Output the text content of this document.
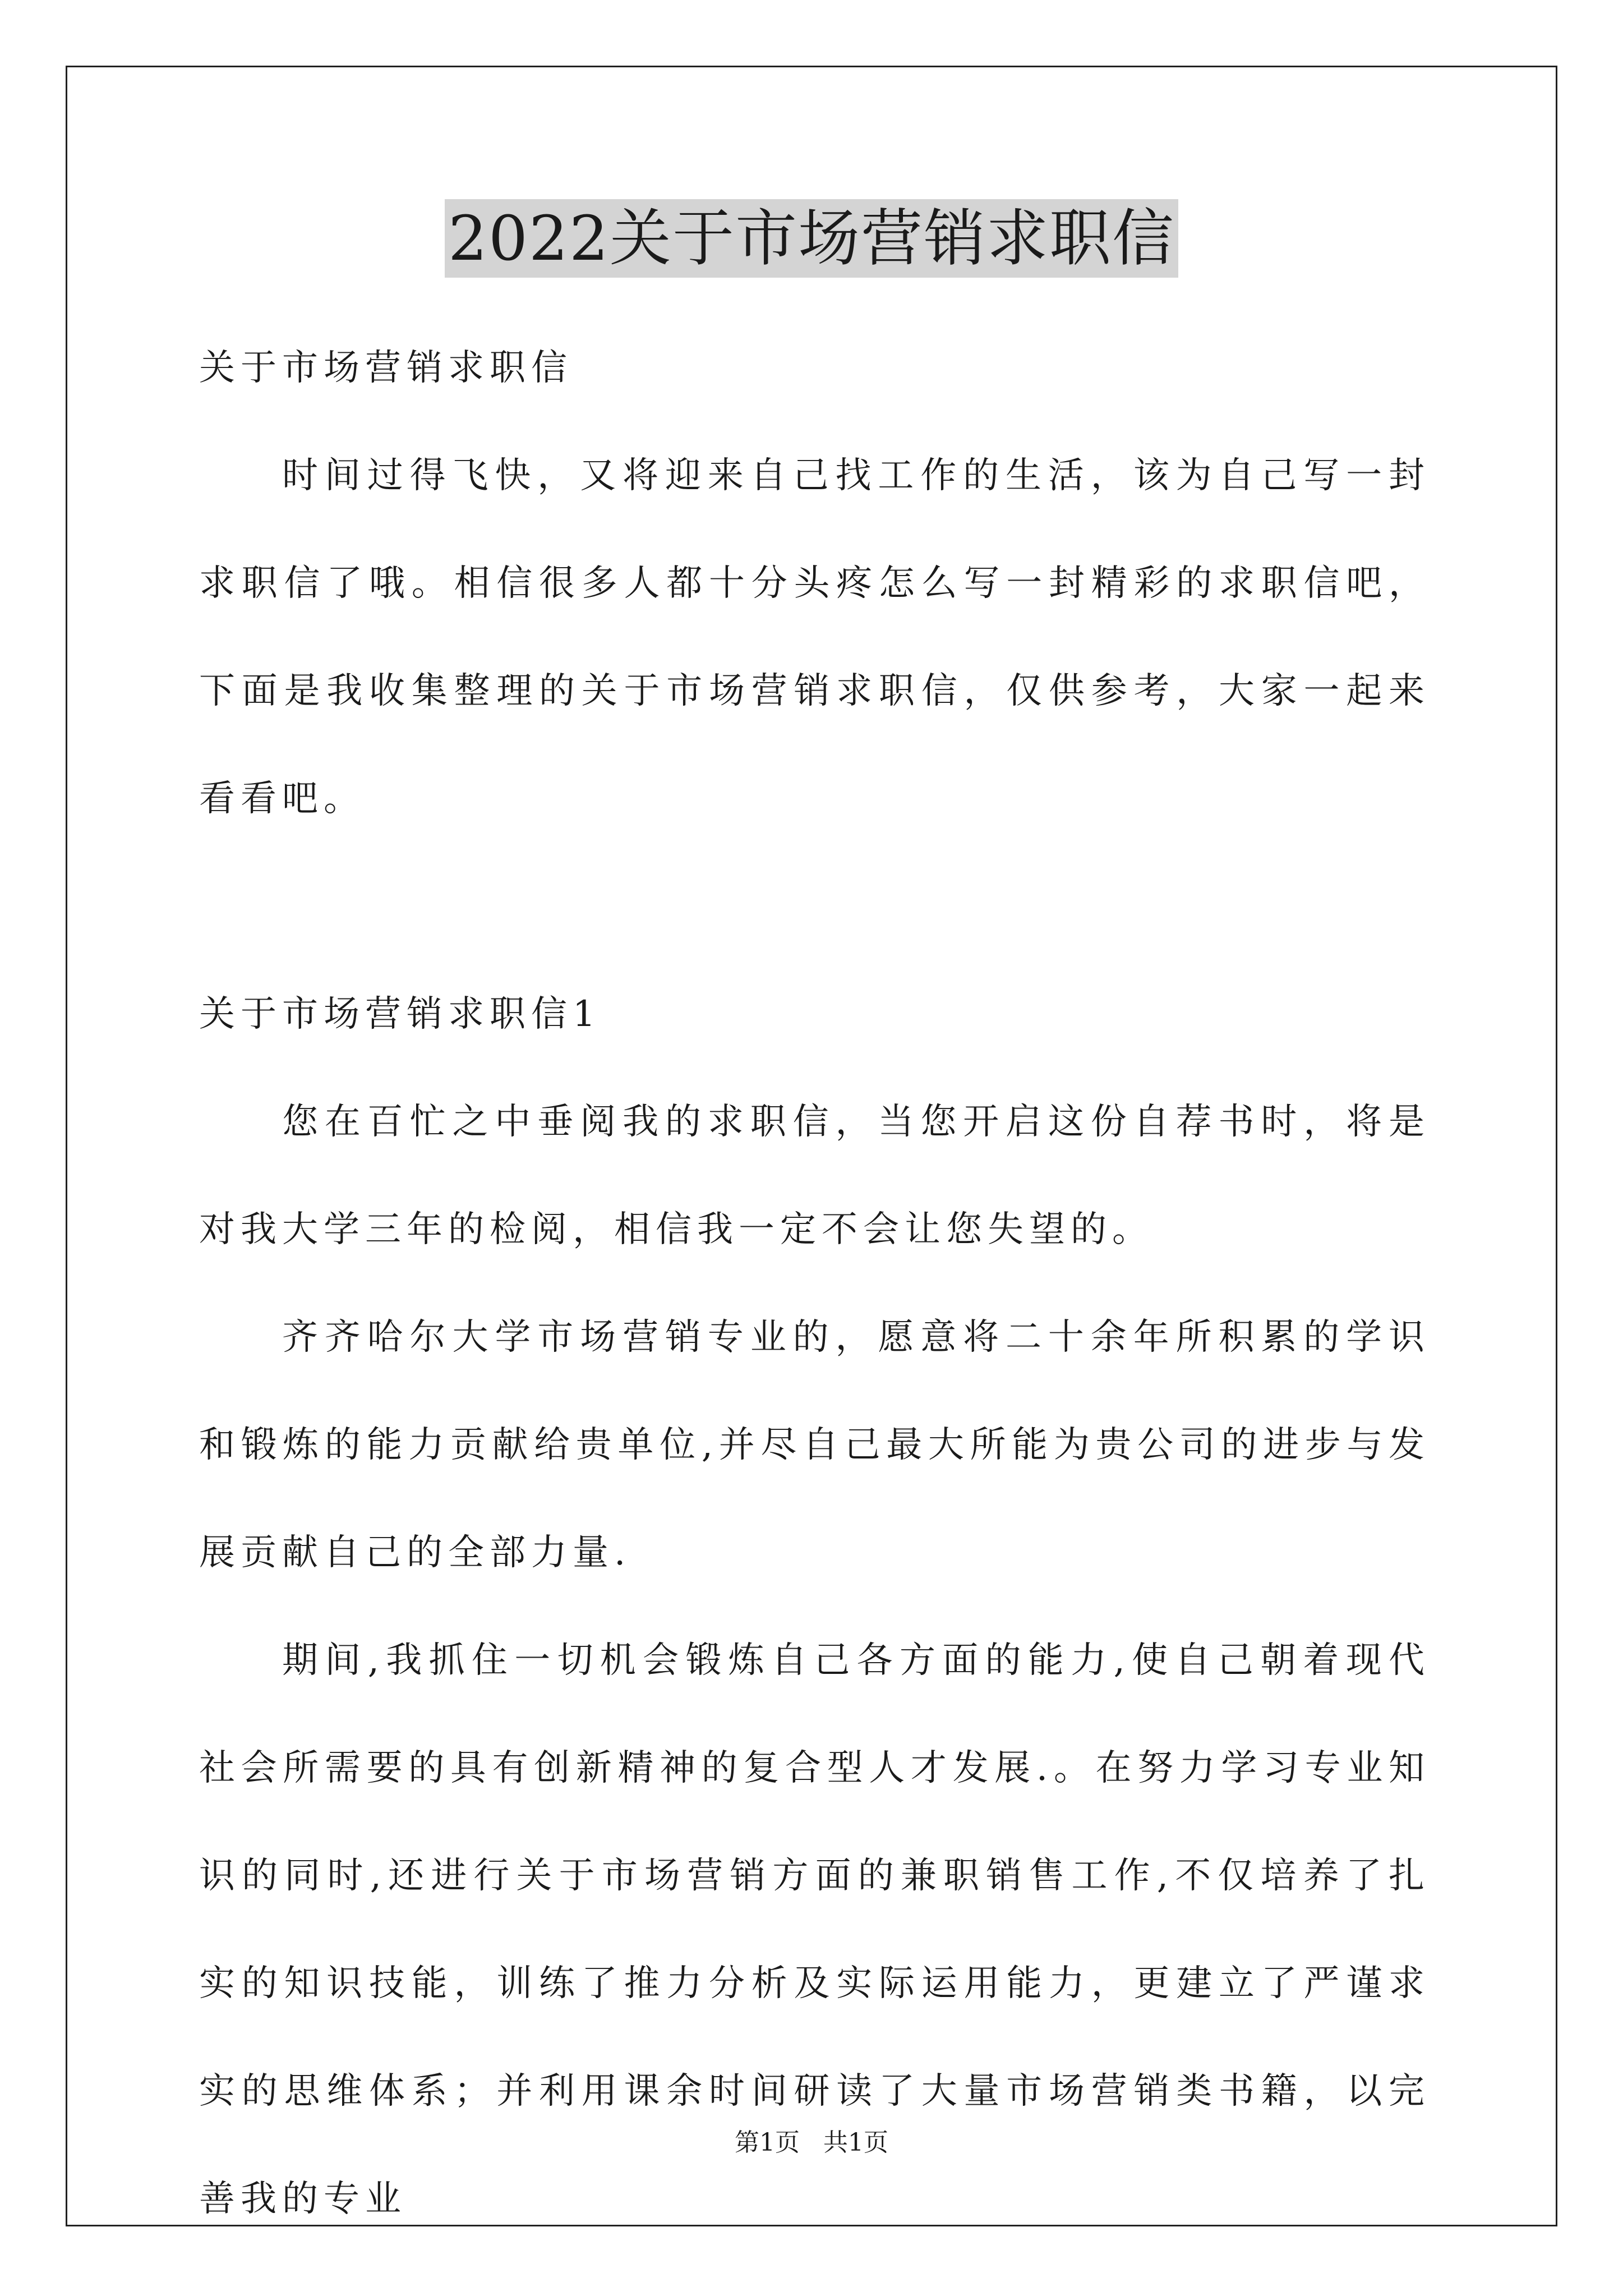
2022关于市场营销求职信

关于市场营销求职信

时间过得飞快，又将迎来自己找工作的生活，该为自己写一封求职信了哦。相信很多人都十分头疼怎么写一封精彩的求职信吧，下面是我收集整理的关于市场营销求职信，仅供参考，大家一起来看看吧。

关于市场营销求职信1

您在百忙之中垂阅我的求职信，当您开启这份自荐书时，将是对我大学三年的检阅，相信我一定不会让您失望的。

齐齐哈尔大学市场营销专业的，愿意将二十余年所积累的学识和锻炼的能力贡献给贵单位,并尽自己最大所能为贵公司的进步与发展贡献自己的全部力量.

期间,我抓住一切机会锻炼自己各方面的能力,使自己朝着现代社会所需要的具有创新精神的复合型人才发展.。在努力学习专业知识的同时,还进行关于市场营销方面的兼职销售工作,不仅培养了扎实的知识技能，训练了推力分析及实际运用能力，更建立了严谨求实的思维体系；并利用课余时间研读了大量市场营销类书籍，以完善我的专业

第1页 共1页
